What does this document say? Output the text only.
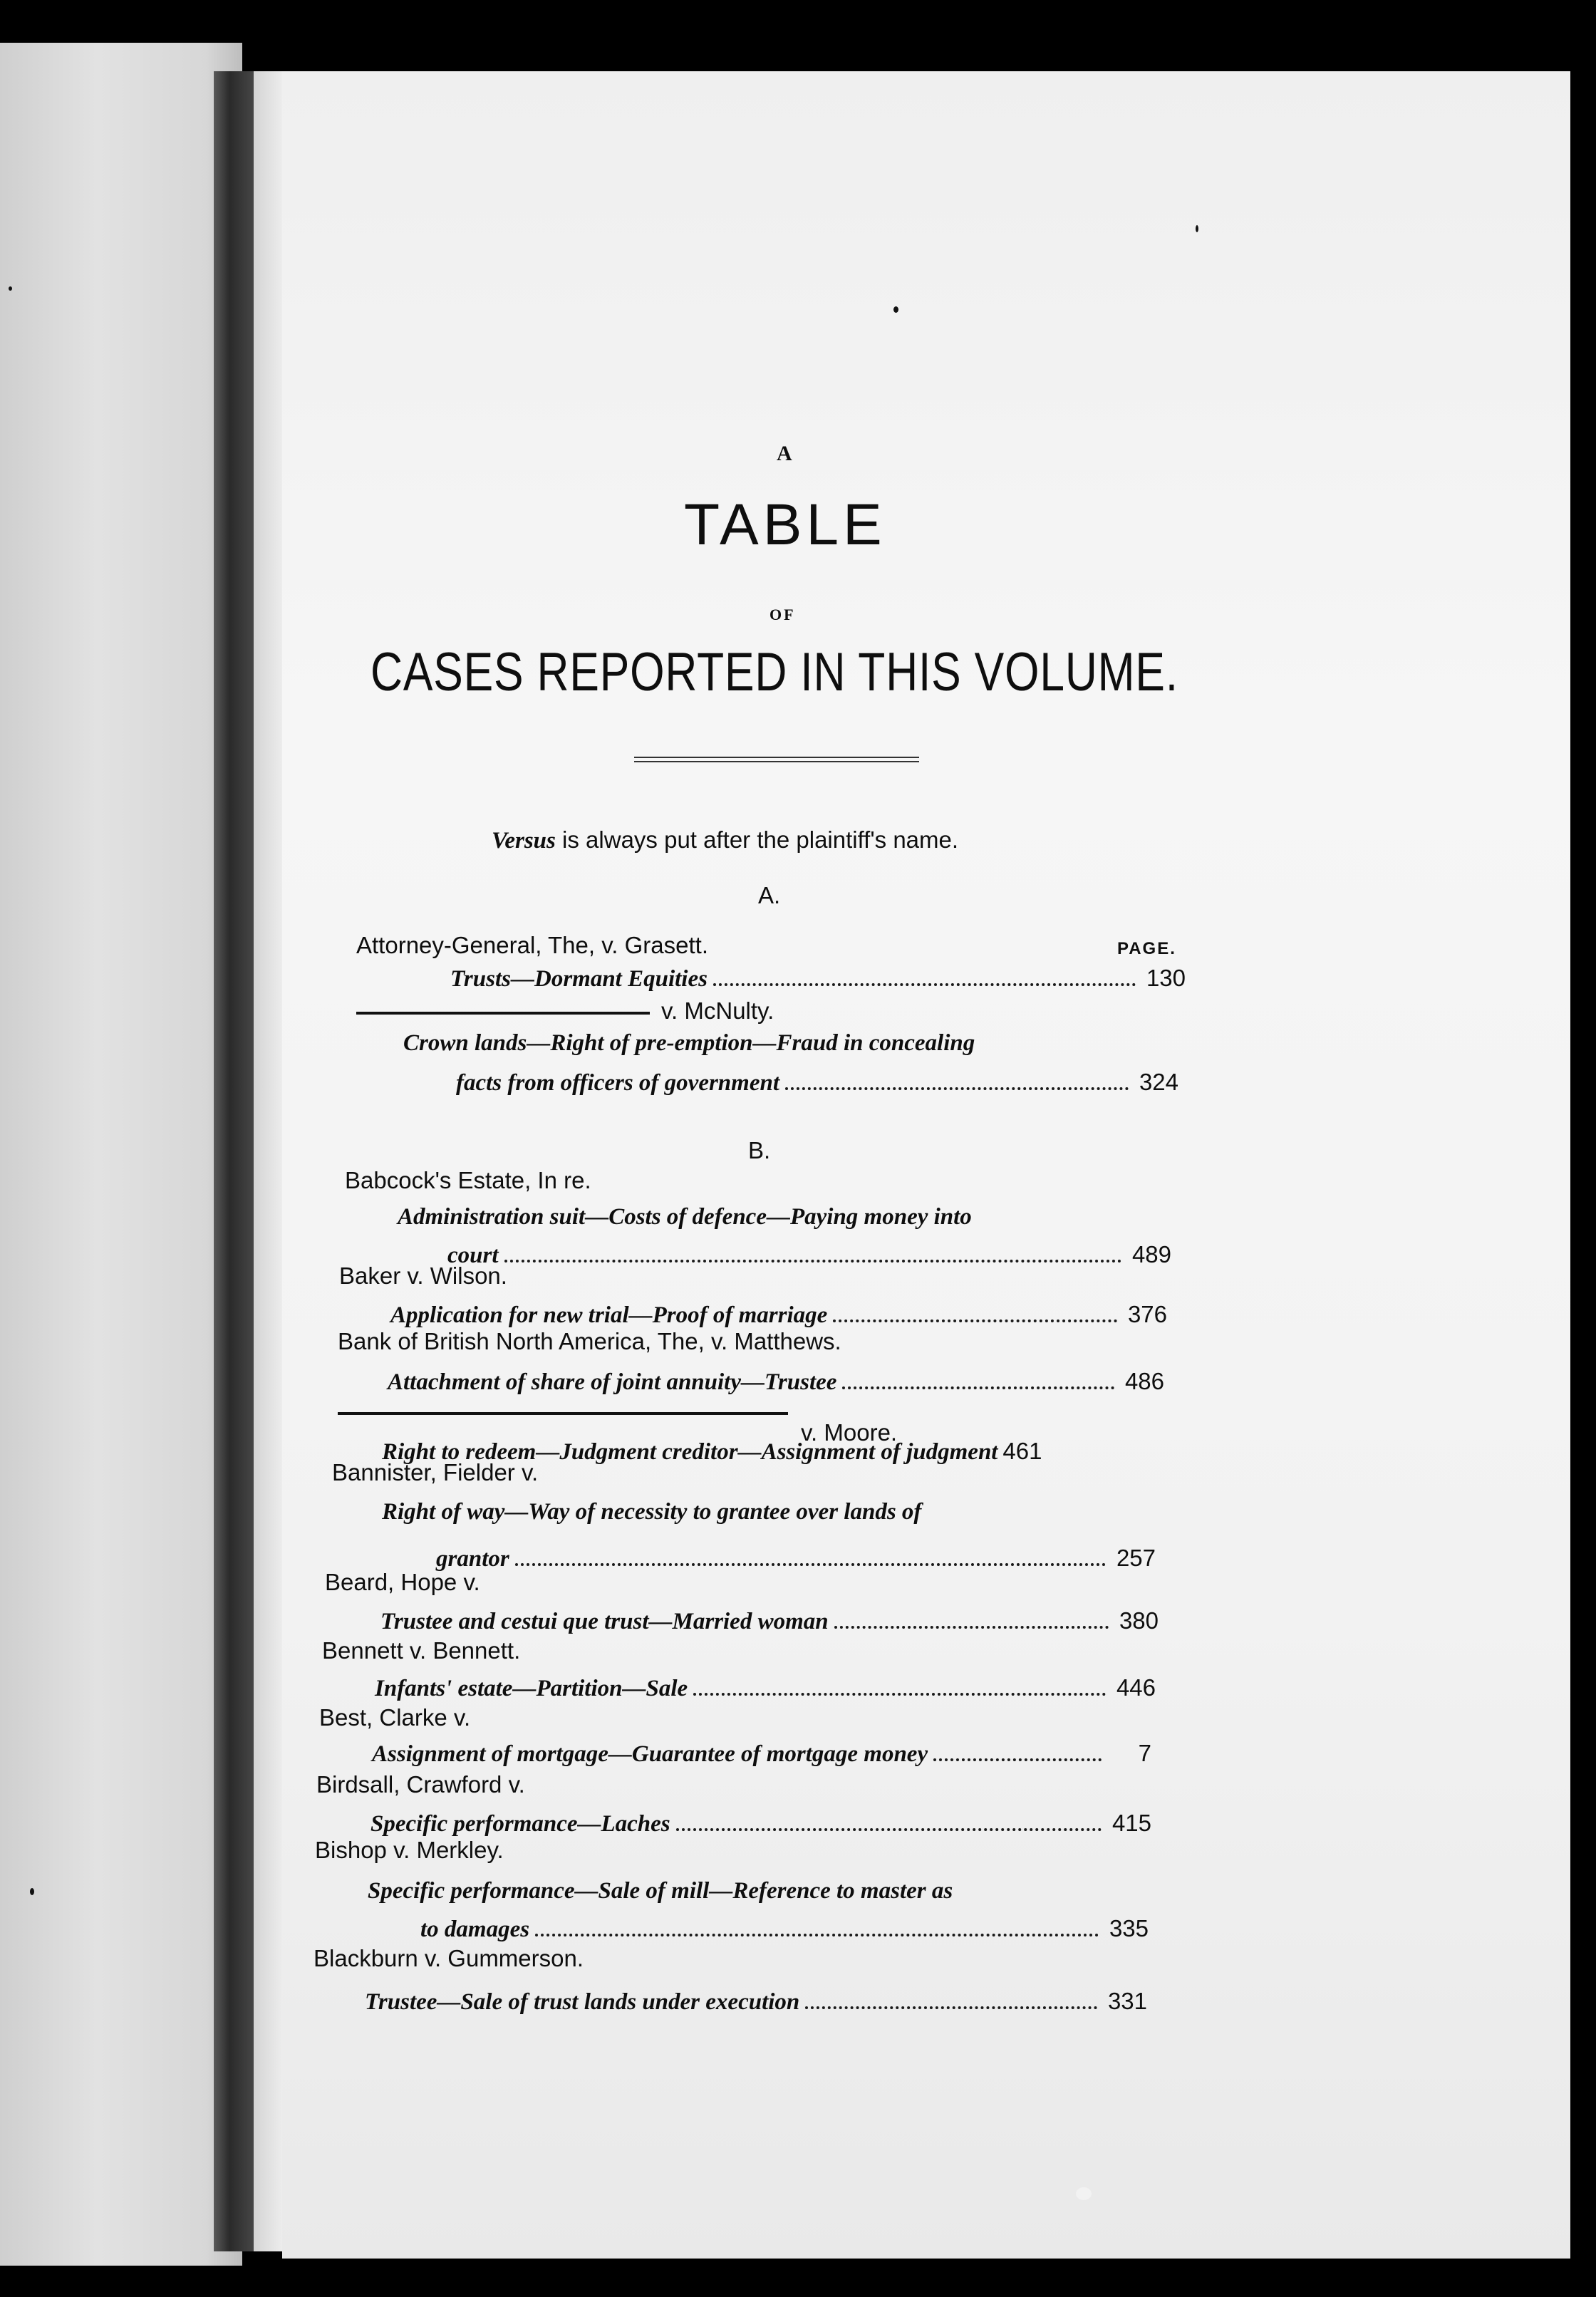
A
TABLE
OF
CASES REPORTED IN THIS VOLUME.
Versus is always put after the plaintiff's name.
A.
PAGE.
Attorney-General, The, v. Grasett.
Trusts—Dormant Equities	130
v. McNulty.
Crown lands—Right of pre-emption—Fraud in concealing
facts from officers of government	324
B.
Babcock's Estate, In re.
Administration suit—Costs of defence—Paying money into
court	489
Baker v. Wilson.
Application for new trial—Proof of marriage	376
Bank of British North America, The, v. Matthews.
Attachment of share of joint annuity—Trustee	486
v. Moore.
Right to redeem—Judgment creditor—Assignment of judgment 461
Bannister, Fielder v.
Right of way—Way of necessity to grantee over lands of
grantor	257
Beard, Hope v.
Trustee and cestui que trust—Married woman	380
Bennett v. Bennett.
Infants' estate—Partition—Sale	446
Best, Clarke v.
Assignment of mortgage—Guarantee of mortgage money	7
Birdsall, Crawford v.
Specific performance—Laches	415
Bishop v. Merkley.
Specific performance—Sale of mill—Reference to master as
to damages	335
Blackburn v. Gummerson.
Trustee—Sale of trust lands under execution	331
